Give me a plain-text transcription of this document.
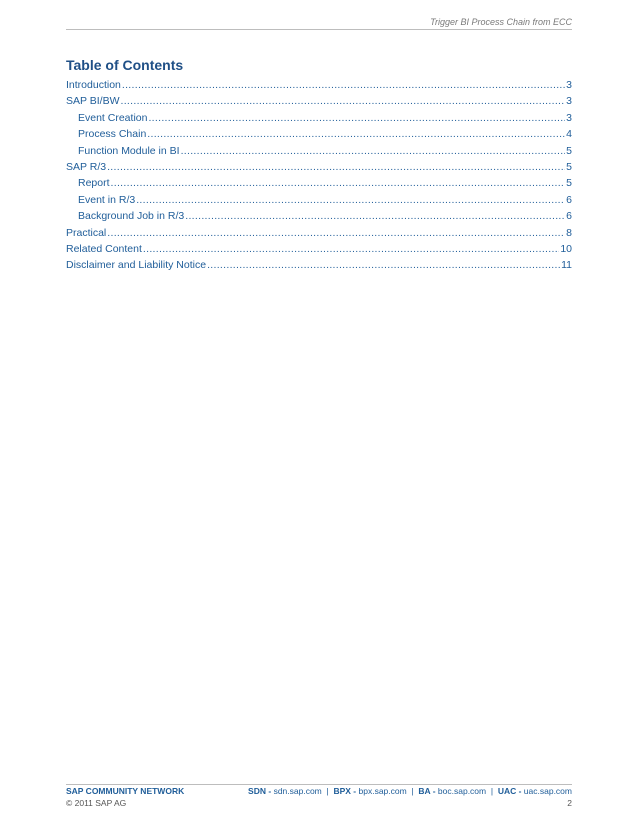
Trigger BI Process Chain from ECC
Table of Contents
Introduction .....	3
SAP BI/BW .....	3
Event Creation .....	3
Process Chain .....	4
Function Module in BI .....	5
SAP R/3 .....	5
Report .....	5
Event in R/3 .....	6
Background Job in R/3 .....	6
Practical .....	8
Related Content .....	10
Disclaimer and Liability Notice .....	11
SAP COMMUNITY NETWORK	SDN - sdn.sap.com | BPX - bpx.sap.com | BA - boc.sap.com | UAC - uac.sap.com
© 2011 SAP AG	2
